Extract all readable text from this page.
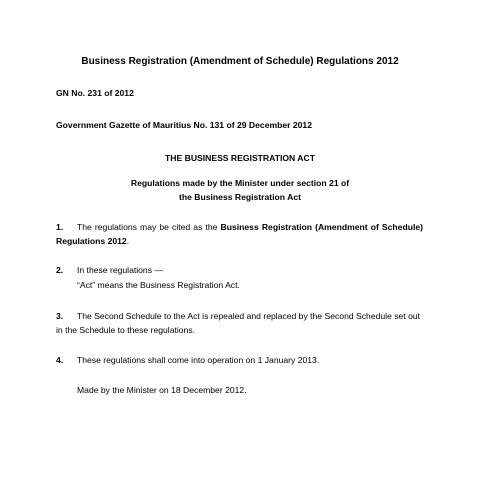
Business Registration (Amendment of Schedule) Regulations 2012
GN No. 231 of 2012
Government Gazette of Mauritius No. 131 of 29 December 2012
THE BUSINESS REGISTRATION ACT
Regulations made by the Minister under section 21 of
the Business Registration Act
1. The regulations may be cited as the Business Registration (Amendment of Schedule)
Regulations 2012.
2. In these regulations —
“Act” means the Business Registration Act.
3. The Second Schedule to the Act is repealed and replaced by the Second Schedule set out
in the Schedule to these regulations.
4. These regulations shall come into operation on 1 January 2013.
Made by the Minister on 18 December 2012.
